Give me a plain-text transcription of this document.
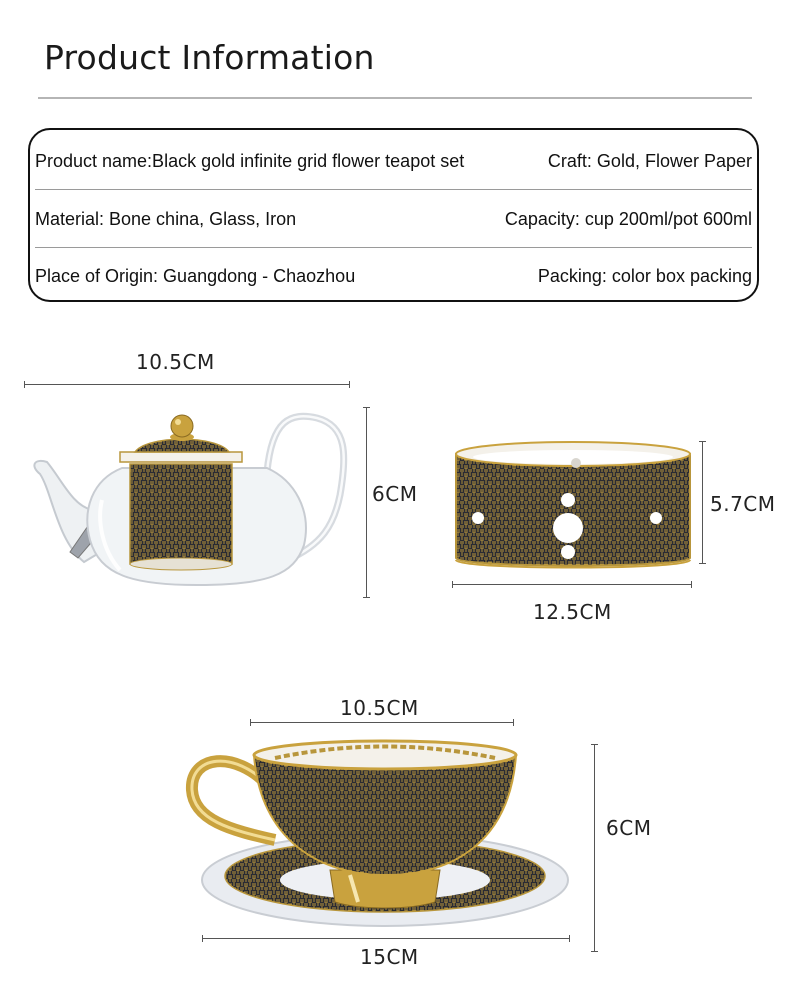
Product Information
Product name:Black gold infinite grid flower teapot set	Craft: Gold, Flower Paper
Material: Bone china, Glass, Iron	Capacity: cup 200ml/pot 600ml
Place of Origin: Guangdong - Chaozhou	Packing: color box packing
10.5CM
6CM	5.7CM
12.5CM
10.5CM
6CM
15CM
